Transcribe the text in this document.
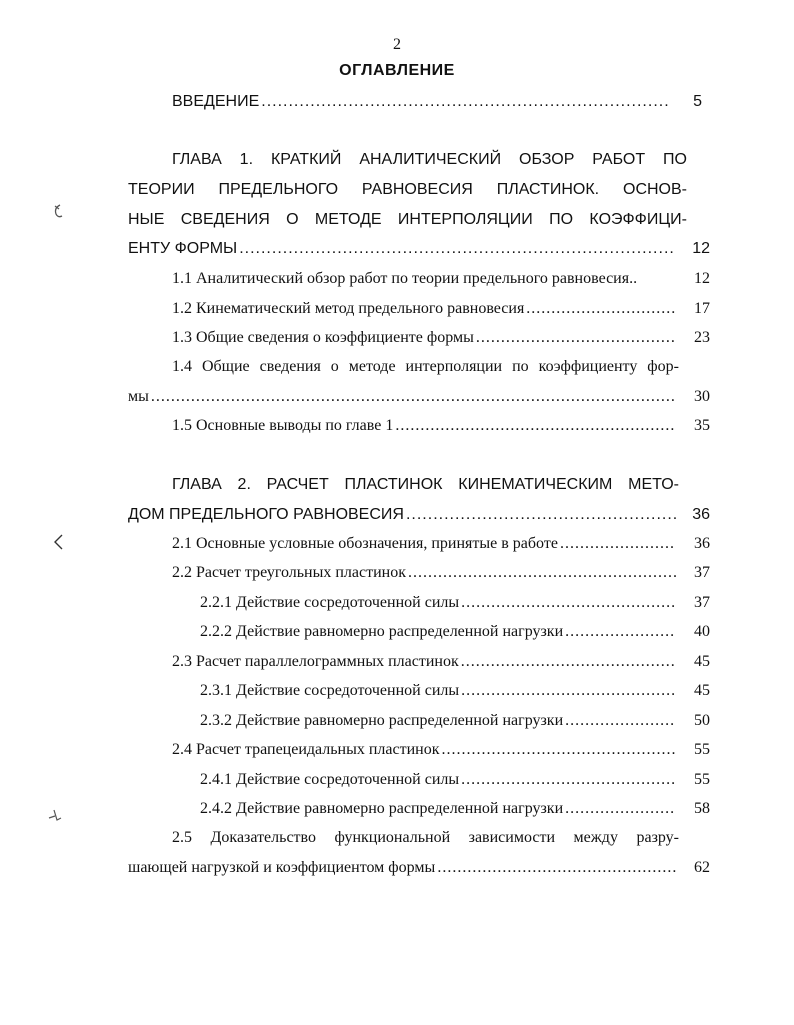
2
ОГЛАВЛЕНИЕ
ВВЕДЕНИЕ .....	5
ГЛАВА 1. КРАТКИЙ АНАЛИТИЧЕСКИЙ ОБЗОР РАБОТ ПО
ТЕОРИИ ПРЕДЕЛЬНОГО РАВНОВЕСИЯ ПЛАСТИНОК. ОСНОВ-
НЫЕ СВЕДЕНИЯ О МЕТОДЕ ИНТЕРПОЛЯЦИИ ПО КОЭФФИЦИ-
ЕНТУ ФОРМЫ .....	12
1.1 Аналитический обзор работ по теории предельного равновесия..	12
1.2 Кинематический метод предельного равновесия .....	17
1.3 Общие сведения о коэффициенте формы .....	23
1.4 Общие сведения о методе интерполяции по коэффициенту фор-
мы .....	30
1.5 Основные выводы по главе 1 .....	35
ГЛАВА 2. РАСЧЕТ ПЛАСТИНОК КИНЕМАТИЧЕСКИМ МЕТО-
ДОМ ПРЕДЕЛЬНОГО РАВНОВЕСИЯ .....	36
2.1 Основные условные обозначения, принятые в работе .....	36
2.2 Расчет треугольных пластинок .....	37
2.2.1 Действие сосредоточенной силы .....	37
2.2.2 Действие равномерно распределенной нагрузки .....	40
2.3 Расчет параллелограммных пластинок .....	45
2.3.1 Действие сосредоточенной силы .....	45
2.3.2 Действие равномерно распределенной нагрузки .....	50
2.4 Расчет трапецеидальных пластинок .....	55
2.4.1 Действие сосредоточенной силы .....	55
2.4.2 Действие равномерно распределенной нагрузки .....	58
2.5 Доказательство функциональной зависимости между разру-
шающей нагрузкой и коэффициентом формы .....	62
